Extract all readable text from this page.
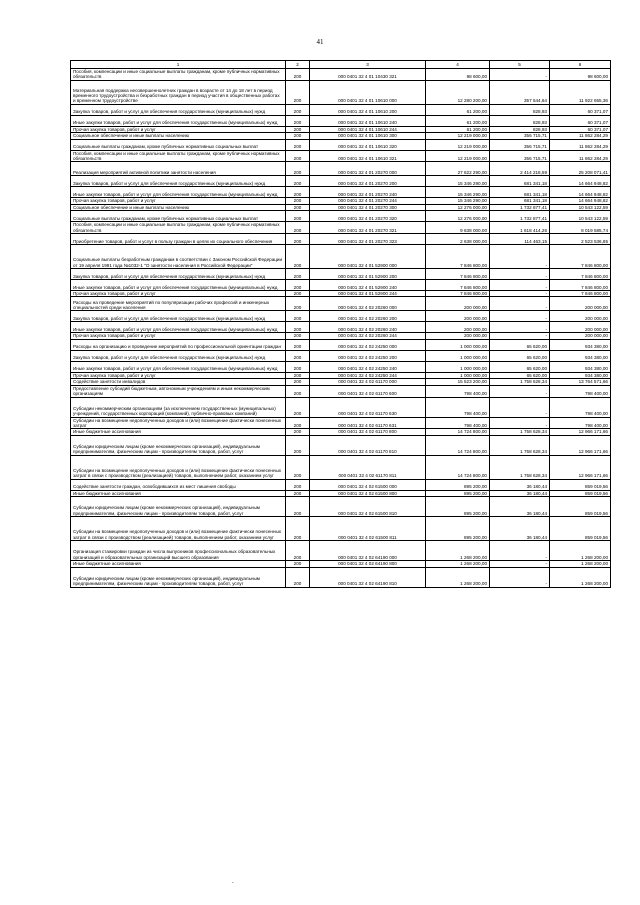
41
1	2	3	4	5	6
Пособия, компенсации и иные социальные выплаты гражданам, кроме публичных нормативных обязательств	200	000 0401 32 4 01 10430 321	98 600,00	-	98 600,00
Материальная поддержка несовершеннолетних граждан в возрасте от 14 до 18 лет в период временного трудоустройства и безработных граждан в период участия в общественных работах и временном трудоустройстве	200	000 0401 32 4 01 10610 000	12 280 200,00	357 544,64	11 922 655,36
Закупка товаров, работ и услуг для обеспечения государственных (муниципальных) нужд	200	000 0401 32 4 01 10610 200	61 200,00	828,93	60 371,07
Иные закупки товаров, работ и услуг для обеспечения государственных (муниципальных) нужд	200	000 0401 32 4 01 10610 240	61 200,00	828,93	60 371,07
Прочая закупка товаров, работ и услуг	200	000 0401 32 4 01 10610 244	61 200,00	828,93	60 371,07
Социальное обеспечение и иные выплаты населению	200	000 0401 32 4 01 10610 300	12 219 000,00	356 715,71	11 862 284,29
Социальные выплаты гражданам, кроме публичных нормативных социальных выплат	200	000 0401 32 4 01 10610 320	12 219 000,00	356 715,71	11 862 284,29
Пособия, компенсации и иные социальные выплаты гражданам, кроме публичных нормативных обязательств	200	000 0401 32 4 01 10610 321	12 219 000,00	356 715,71	11 862 284,29
Реализация мероприятий активной политики занятости населения	200	000 0401 32 4 01 20270 000	27 622 290,00	2 414 218,59	25 208 071,41
Закупка товаров, работ и услуг для обеспечения государственных (муниципальных) нужд	200	000 0401 32 4 01 20270 200	15 346 290,00	681 341,18	14 664 948,82
Иные закупки товаров, работ и услуг для обеспечения государственных (муниципальных) нужд	200	000 0401 32 4 01 20270 240	15 346 290,00	681 341,18	14 664 948,82
Прочая закупка товаров, работ и услуг	200	000 0401 32 4 01 20270 244	15 346 290,00	681 341,18	14 664 948,82
Социальное обеспечение и иные выплаты населению	200	000 0401 32 4 01 20270 300	12 276 000,00	1 732 877,41	10 543 122,59
Социальные выплаты гражданам, кроме публичных нормативных социальных выплат	200	000 0401 32 4 01 20270 320	12 276 000,00	1 732 877,41	10 543 122,59
Пособия, компенсации и иные социальные выплаты гражданам, кроме публичных нормативных обязательств	200	000 0401 32 4 01 20270 321	9 638 000,00	1 618 414,26	8 019 585,74
Приобретение товаров, работ и услуг в пользу граждан в целях их социального обеспечения	200	000 0401 32 4 01 20270 323	2 638 000,00	114 463,15	2 523 536,85
Социальные выплаты безработным гражданам в соответствии с Законом Российской Федерации от 19 апреля 1991 года №1032-1 "О занятости населения в Российской Федерации"	200	000 0401 32 4 01 52900 000	7 846 800,00	-	7 846 800,00
Закупка товаров, работ и услуг для обеспечения государственных (муниципальных) нужд	200	000 0401 32 4 01 52900 200	7 846 800,00	-	7 846 800,00
Иные закупки товаров, работ и услуг для обеспечения государственных (муниципальных) нужд	200	000 0401 32 4 01 52900 240	7 846 800,00	-	7 846 800,00
Прочая закупка товаров, работ и услуг	200	000 0401 32 4 01 52900 244	7 846 800,00	-	7 846 800,00
Расходы на проведение мероприятий по популяризации рабочих профессий и инженерных специальностей среди населения	200	000 0401 32 4 02 20260 000	200 000,00	-	200 000,00
Закупка товаров, работ и услуг для обеспечения государственных (муниципальных) нужд	200	000 0401 32 4 02 20260 200	200 000,00	-	200 000,00
Иные закупки товаров, работ и услуг для обеспечения государственных (муниципальных) нужд	200	000 0401 32 4 02 20260 240	200 000,00	-	200 000,00
Прочая закупка товаров, работ и услуг	200	000 0401 32 4 02 20260 244	200 000,00	-	200 000,00
Расходы на организацию и проведение мероприятий по профессиональной ориентации граждан	200	000 0401 32 4 02 24250 000	1 000 000,00	65 620,00	934 380,00
Закупка товаров, работ и услуг для обеспечения государственных (муниципальных) нужд	200	000 0401 32 4 02 24250 200	1 000 000,00	65 620,00	934 380,00
Иные закупки товаров, работ и услуг для обеспечения государственных (муниципальных) нужд	200	000 0401 32 4 02 24250 240	1 000 000,00	65 620,00	934 380,00
Прочая закупка товаров, работ и услуг	200	000 0401 32 4 02 24250 244	1 000 000,00	65 620,00	934 380,00
Содействие занятости инвалидов	200	000 0401 32 4 02 61170 000	15 523 200,00	1 758 628,34	13 764 571,66
Предоставление субсидий бюджетным, автономным учреждениям и иным некоммерческим организациям	200	000 0401 32 4 02 61170 600	798 400,00	-	798 400,00
Субсидии некоммерческим организациям (за исключением государственных (муниципальных) учреждений, государственных корпораций (компаний), публично-правовых компаний)	200	000 0401 32 4 02 61170 630	798 400,00	-	798 400,00
Субсидии на возмещение недополученных доходов и (или) возмещение фактически понесенных затрат	200	000 0401 32 4 02 61170 631	798 400,00	-	798 400,00
Иные бюджетные ассигнования	200	000 0401 32 4 02 61170 800	14 724 800,00	1 758 628,34	12 966 171,66
Субсидии юридическим лицам (кроме некоммерческих организаций), индивидуальным предпринимателям, физическим лицам - производителям товаров, работ, услуг	200	000 0401 32 4 02 61170 810	14 724 800,00	1 758 628,34	12 966 171,66
Субсидии на возмещение недополученных доходов и (или) возмещение фактически понесенных затрат в связи с производством (реализацией) товаров, выполнением работ, оказанием услуг	200	000 0401 32 4 02 61170 811	14 724 800,00	1 758 628,34	12 966 171,66
Содействие занятости граждан, освободившихся из мест лишения свободы	200	000 0401 32 4 02 61500 000	895 200,00	36 180,44	859 019,56
Иные бюджетные ассигнования	200	000 0401 32 4 02 61500 800	895 200,00	36 180,44	859 019,56
Субсидии юридическим лицам (кроме некоммерческих организаций), индивидуальным предпринимателям, физическим лицам - производителям товаров, работ, услуг	200	000 0401 32 4 02 61500 810	895 200,00	36 180,44	859 019,56
Субсидии на возмещение недополученных доходов и (или) возмещение фактически понесенных затрат в связи с производством (реализацией) товаров, выполнением работ, оказанием услуг	200	000 0401 32 4 02 61500 811	895 200,00	36 180,44	859 019,56
Организация стажировки граждан из числа выпускников профессиональных образовательных организаций и образовательных организаций высшего образования	200	000 0401 32 4 02 64190 000	1 268 200,00	-	1 268 200,00
Иные бюджетные ассигнования	200	000 0401 32 4 02 64190 800	1 268 200,00	-	1 268 200,00
Субсидии юридическим лицам (кроме некоммерческих организаций), индивидуальным предпринимателям, физическим лицам - производителям товаров, работ, услуг	200	000 0401 32 4 02 64190 810	1 268 200,00	-	1 268 200,00
-
